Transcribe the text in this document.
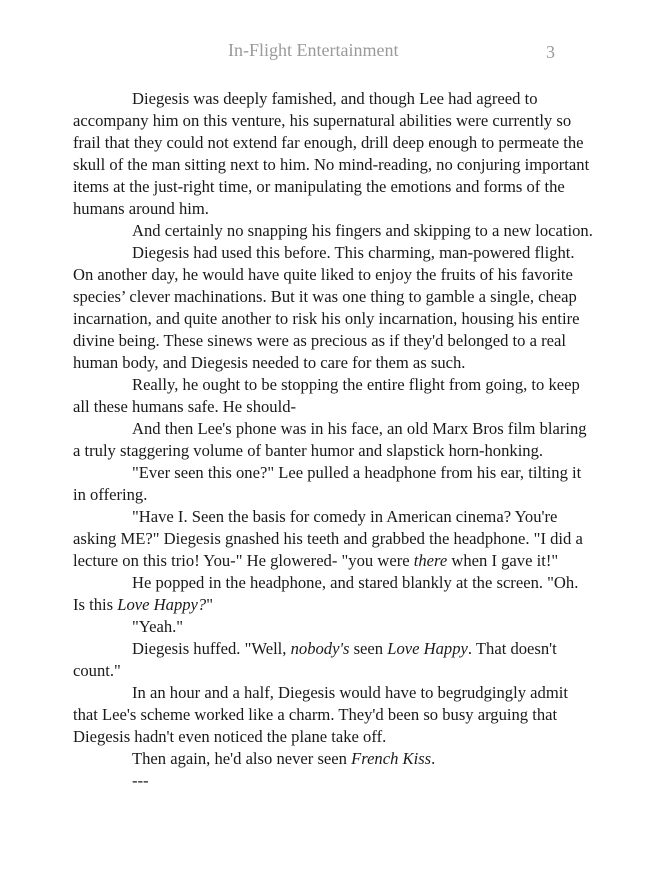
In-Flight Entertainment	3

Diegesis was deeply famished, and though Lee had agreed to accompany him on this venture, his supernatural abilities were currently so frail that they could not extend far enough, drill deep enough to permeate the skull of the man sitting next to him. No mind-reading, no conjuring important items at the just-right time, or manipulating the emotions and forms of the humans around him.

And certainly no snapping his fingers and skipping to a new location.

Diegesis had used this before. This charming, man-powered flight. On another day, he would have quite liked to enjoy the fruits of his favorite species’ clever machinations. But it was one thing to gamble a single, cheap incarnation, and quite another to risk his only incarnation, housing his entire divine being. These sinews were as precious as if they'd belonged to a real human body, and Diegesis needed to care for them as such.

Really, he ought to be stopping the entire flight from going, to keep all these humans safe. He should-

And then Lee's phone was in his face, an old Marx Bros film blaring a truly staggering volume of banter humor and slapstick horn-honking.

"Ever seen this one?" Lee pulled a headphone from his ear, tilting it in offering.

"Have I. Seen the basis for comedy in American cinema? You're asking ME?" Diegesis gnashed his teeth and grabbed the headphone. "I did a lecture on this trio! You-" He glowered- "you were there when I gave it!"

He popped in the headphone, and stared blankly at the screen. "Oh. Is this Love Happy?"

"Yeah."

Diegesis huffed. "Well, nobody's seen Love Happy. That doesn't count."

In an hour and a half, Diegesis would have to begrudgingly admit that Lee's scheme worked like a charm. They'd been so busy arguing that Diegesis hadn't even noticed the plane take off.

Then again, he'd also never seen French Kiss.

---
